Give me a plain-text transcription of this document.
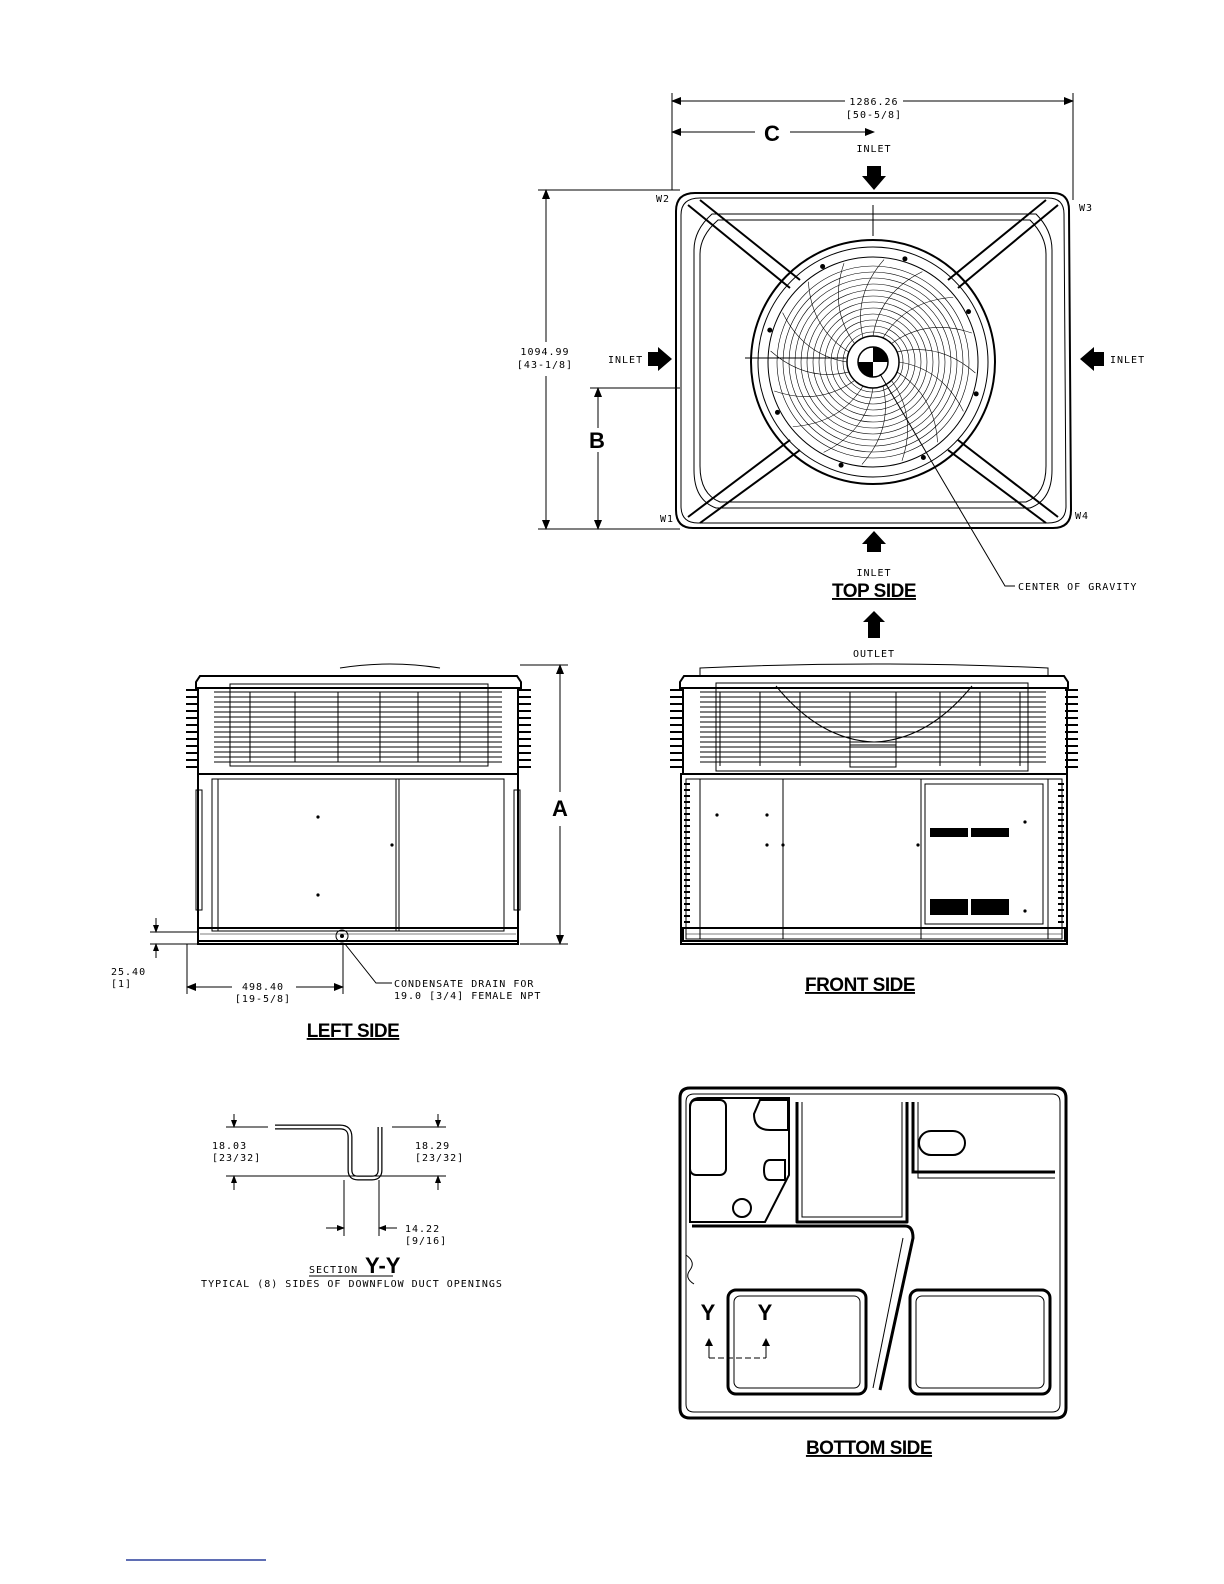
1286.26
[50-5/8]
C
1094.99
[43-1/8]
B
CENTER OF GRAVITY
INLET
INLET	INLET
INLET
W2
W3
W1	W4
TOP SIDE
OUTLET
FRONT SIDE
A
25.40
[1]	498.40
[19-5/8]
CONDENSATE DRAIN FOR
19.0 [3/4] FEMALE NPT
LEFT SIDE
18.03
[23/32]
18.29
[23/32]
14.22
[9/16]
SECTION Y-Y
TYPICAL (8) SIDES OF DOWNFLOW DUCT OPENINGS
Y Y
BOTTOM SIDE
